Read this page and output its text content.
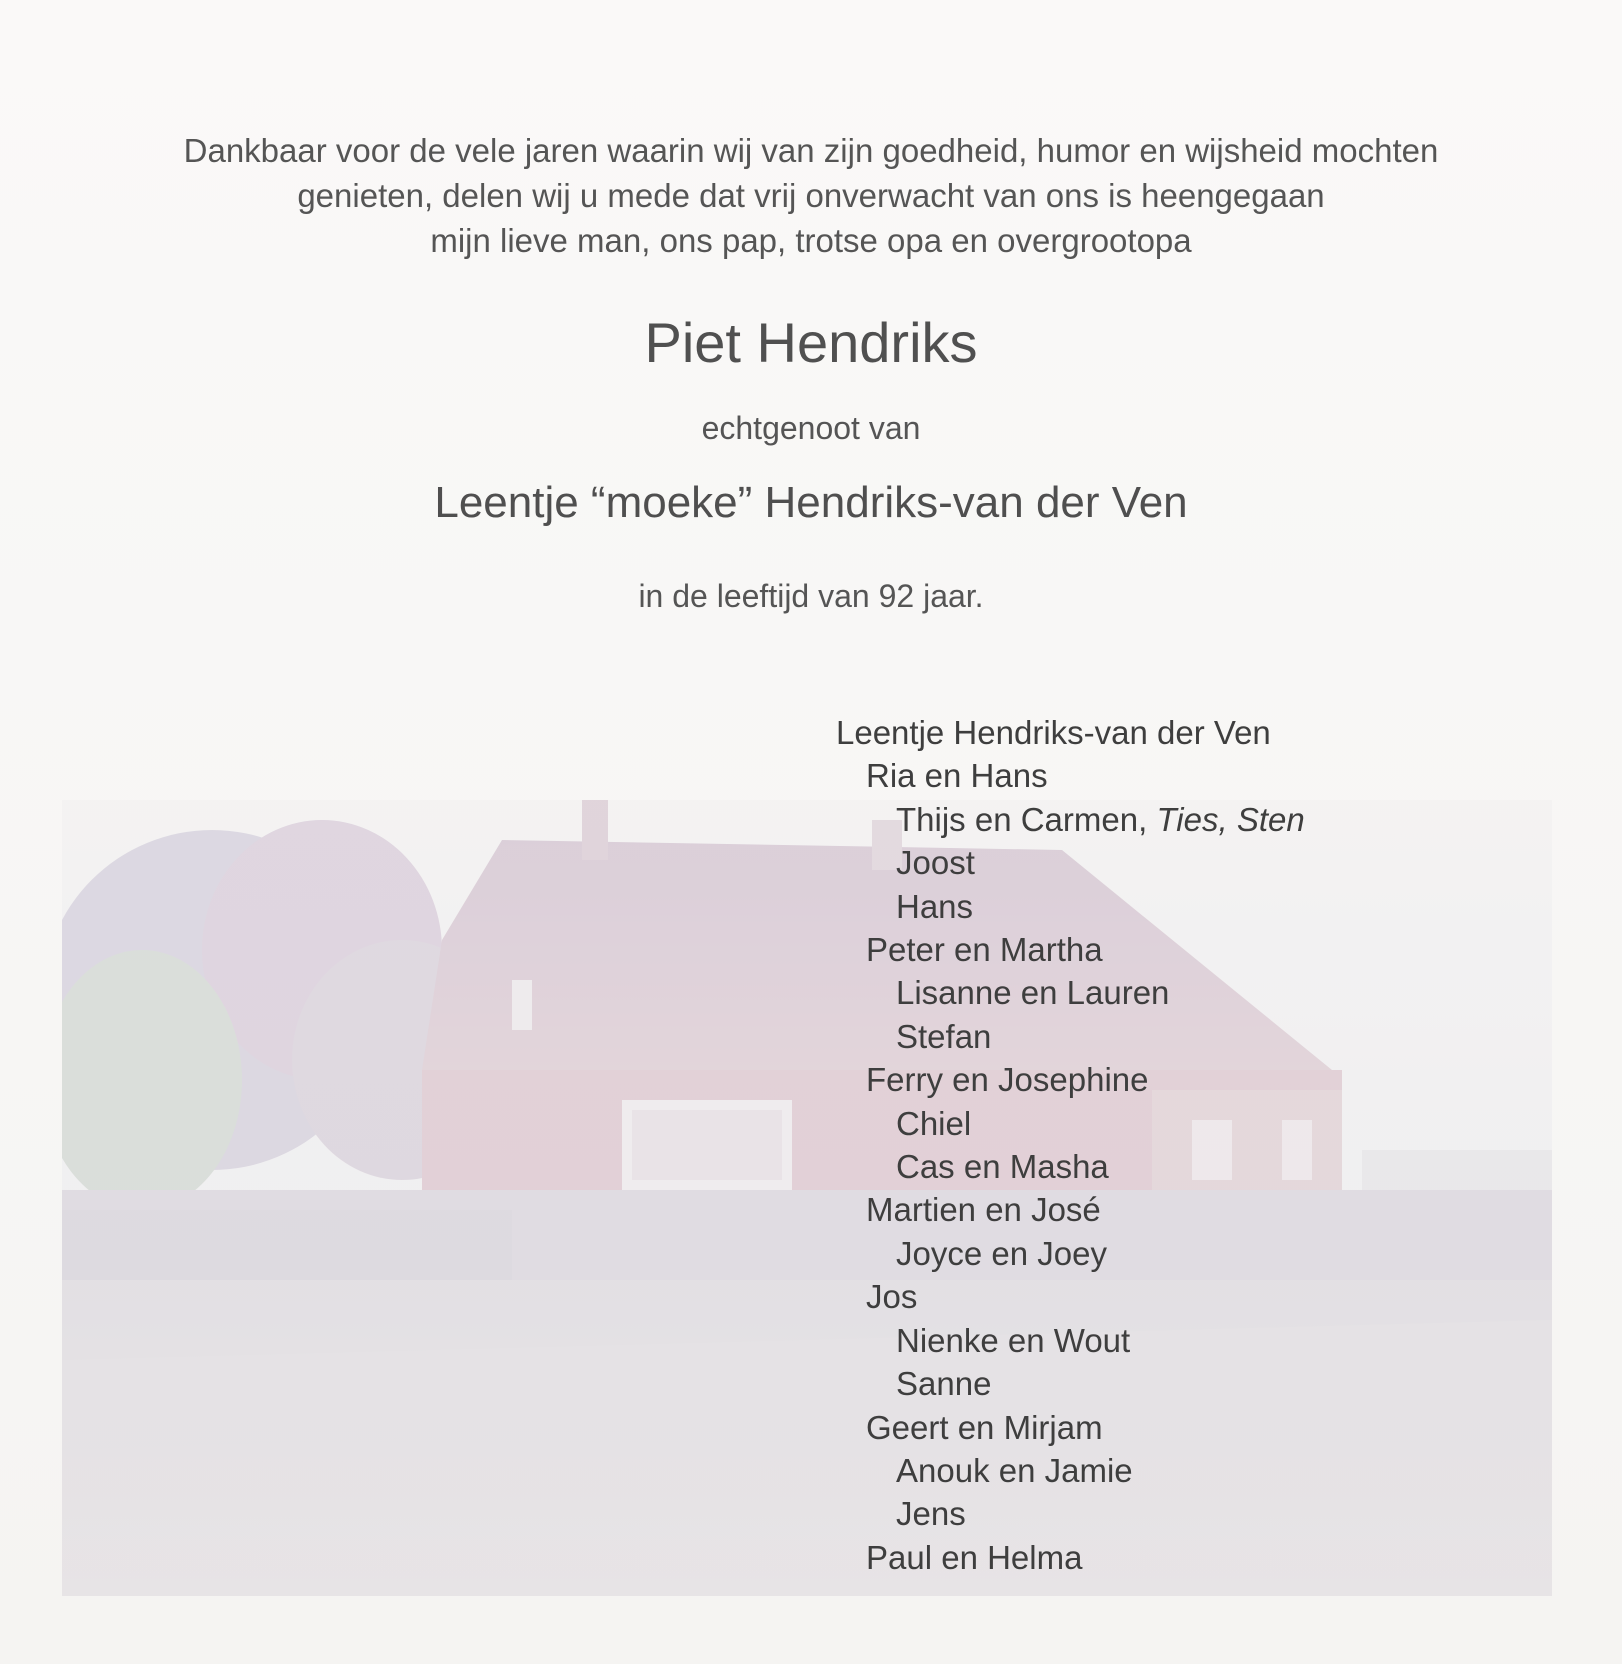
Dankbaar voor de vele jaren waarin wij van zijn goedheid, humor en wijsheid mochten
genieten, delen wij u mede dat vrij onverwacht van ons is heengegaan
mijn lieve man, ons pap, trotse opa en overgrootopa
Piet Hendriks
echtgenoot van
Leentje “moeke” Hendriks-van der Ven
in de leeftijd van 92 jaar.
Leentje Hendriks-van der Ven
Ria en Hans
Thijs en Carmen, Ties, Sten
Joost
Hans
Peter en Martha
Lisanne en Lauren
Stefan
Ferry en Josephine
Chiel
Cas en Masha
Martien en José
Joyce en Joey
Jos
Nienke en Wout
Sanne
Geert en Mirjam
Anouk en Jamie
Jens
Paul en Helma
